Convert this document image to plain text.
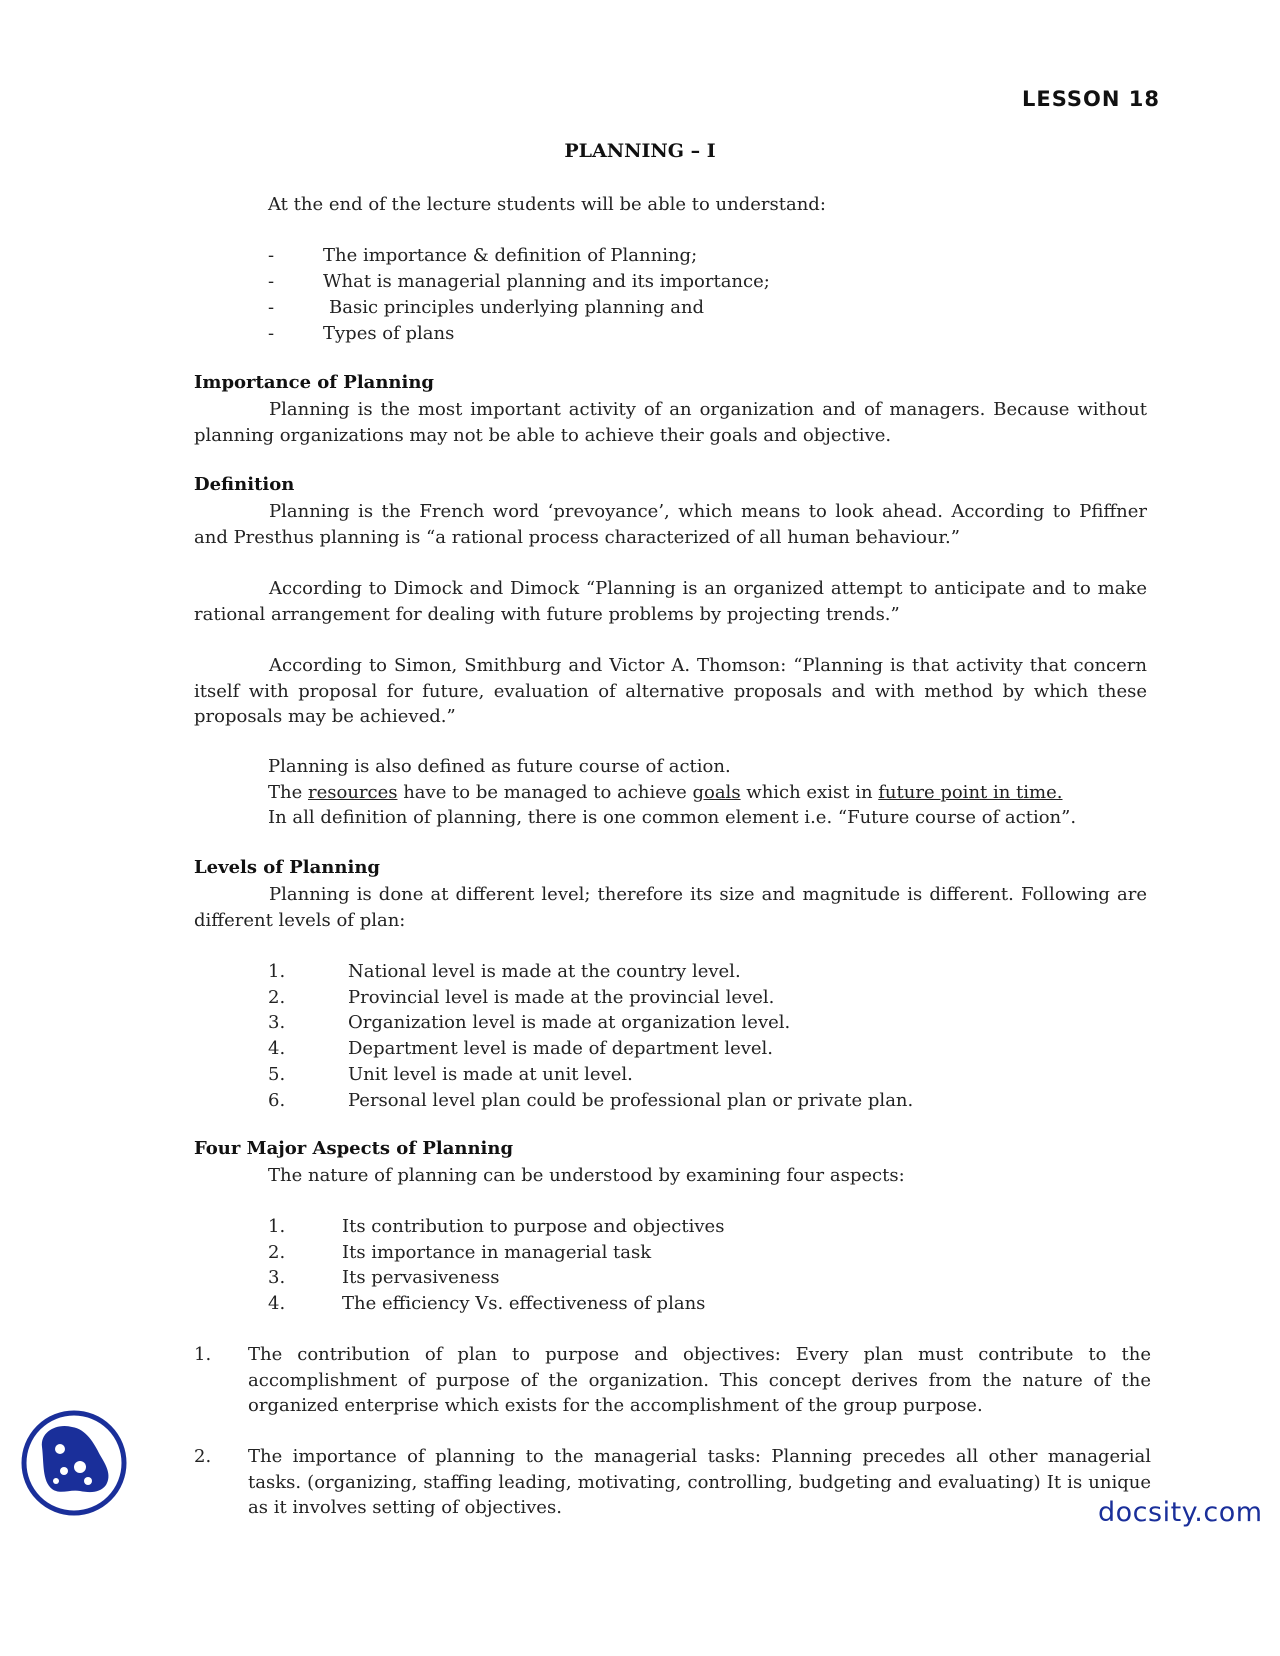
LESSON 18
PLANNING – I
At the end of the lecture students will be able to understand:
-	The importance & definition of Planning;
-	What is managerial planning and its importance;
-	Basic principles underlying planning and
-	Types of plans
Importance of Planning
Planning is the most important activity of an organization and of managers. Because without planning organizations may not be able to achieve their goals and objective.
Definition
Planning is the French word ‘prevoyance’, which means to look ahead. According to Pfiffner and Presthus planning is “a rational process characterized of all human behaviour.”
According to Dimock and Dimock “Planning is an organized attempt to anticipate and to make rational arrangement for dealing with future problems by projecting trends.”
According to Simon, Smithburg and Victor A. Thomson: “Planning is that activity that concern itself with proposal for future, evaluation of alternative proposals and with method by which these proposals may be achieved.”
Planning is also defined as future course of action.
The resources have to be managed to achieve goals which exist in future point in time.
In all definition of planning, there is one common element i.e. “Future course of action”.
Levels of Planning
Planning is done at different level; therefore its size and magnitude is different. Following are different levels of plan:
1.	National level is made at the country level.
2.	Provincial level is made at the provincial level.
3.	Organization level is made at organization level.
4.	Department level is made of department level.
5.	Unit level is made at unit level.
6.	Personal level plan could be professional plan or private plan.
Four Major Aspects of Planning
The nature of planning can be understood by examining four aspects:
1.	Its contribution to purpose and objectives
2.	Its importance in managerial task
3.	Its pervasiveness
4.	The efficiency Vs. effectiveness of plans
1. The contribution of plan to purpose and objectives: Every plan must contribute to the accomplishment of purpose of the organization. This concept derives from the nature of the organized enterprise which exists for the accomplishment of the group purpose.
2. The importance of planning to the managerial tasks: Planning precedes all other managerial tasks. (organizing, staffing leading, motivating, controlling, budgeting and evaluating) It is unique as it involves setting of objectives.	docsity.com
